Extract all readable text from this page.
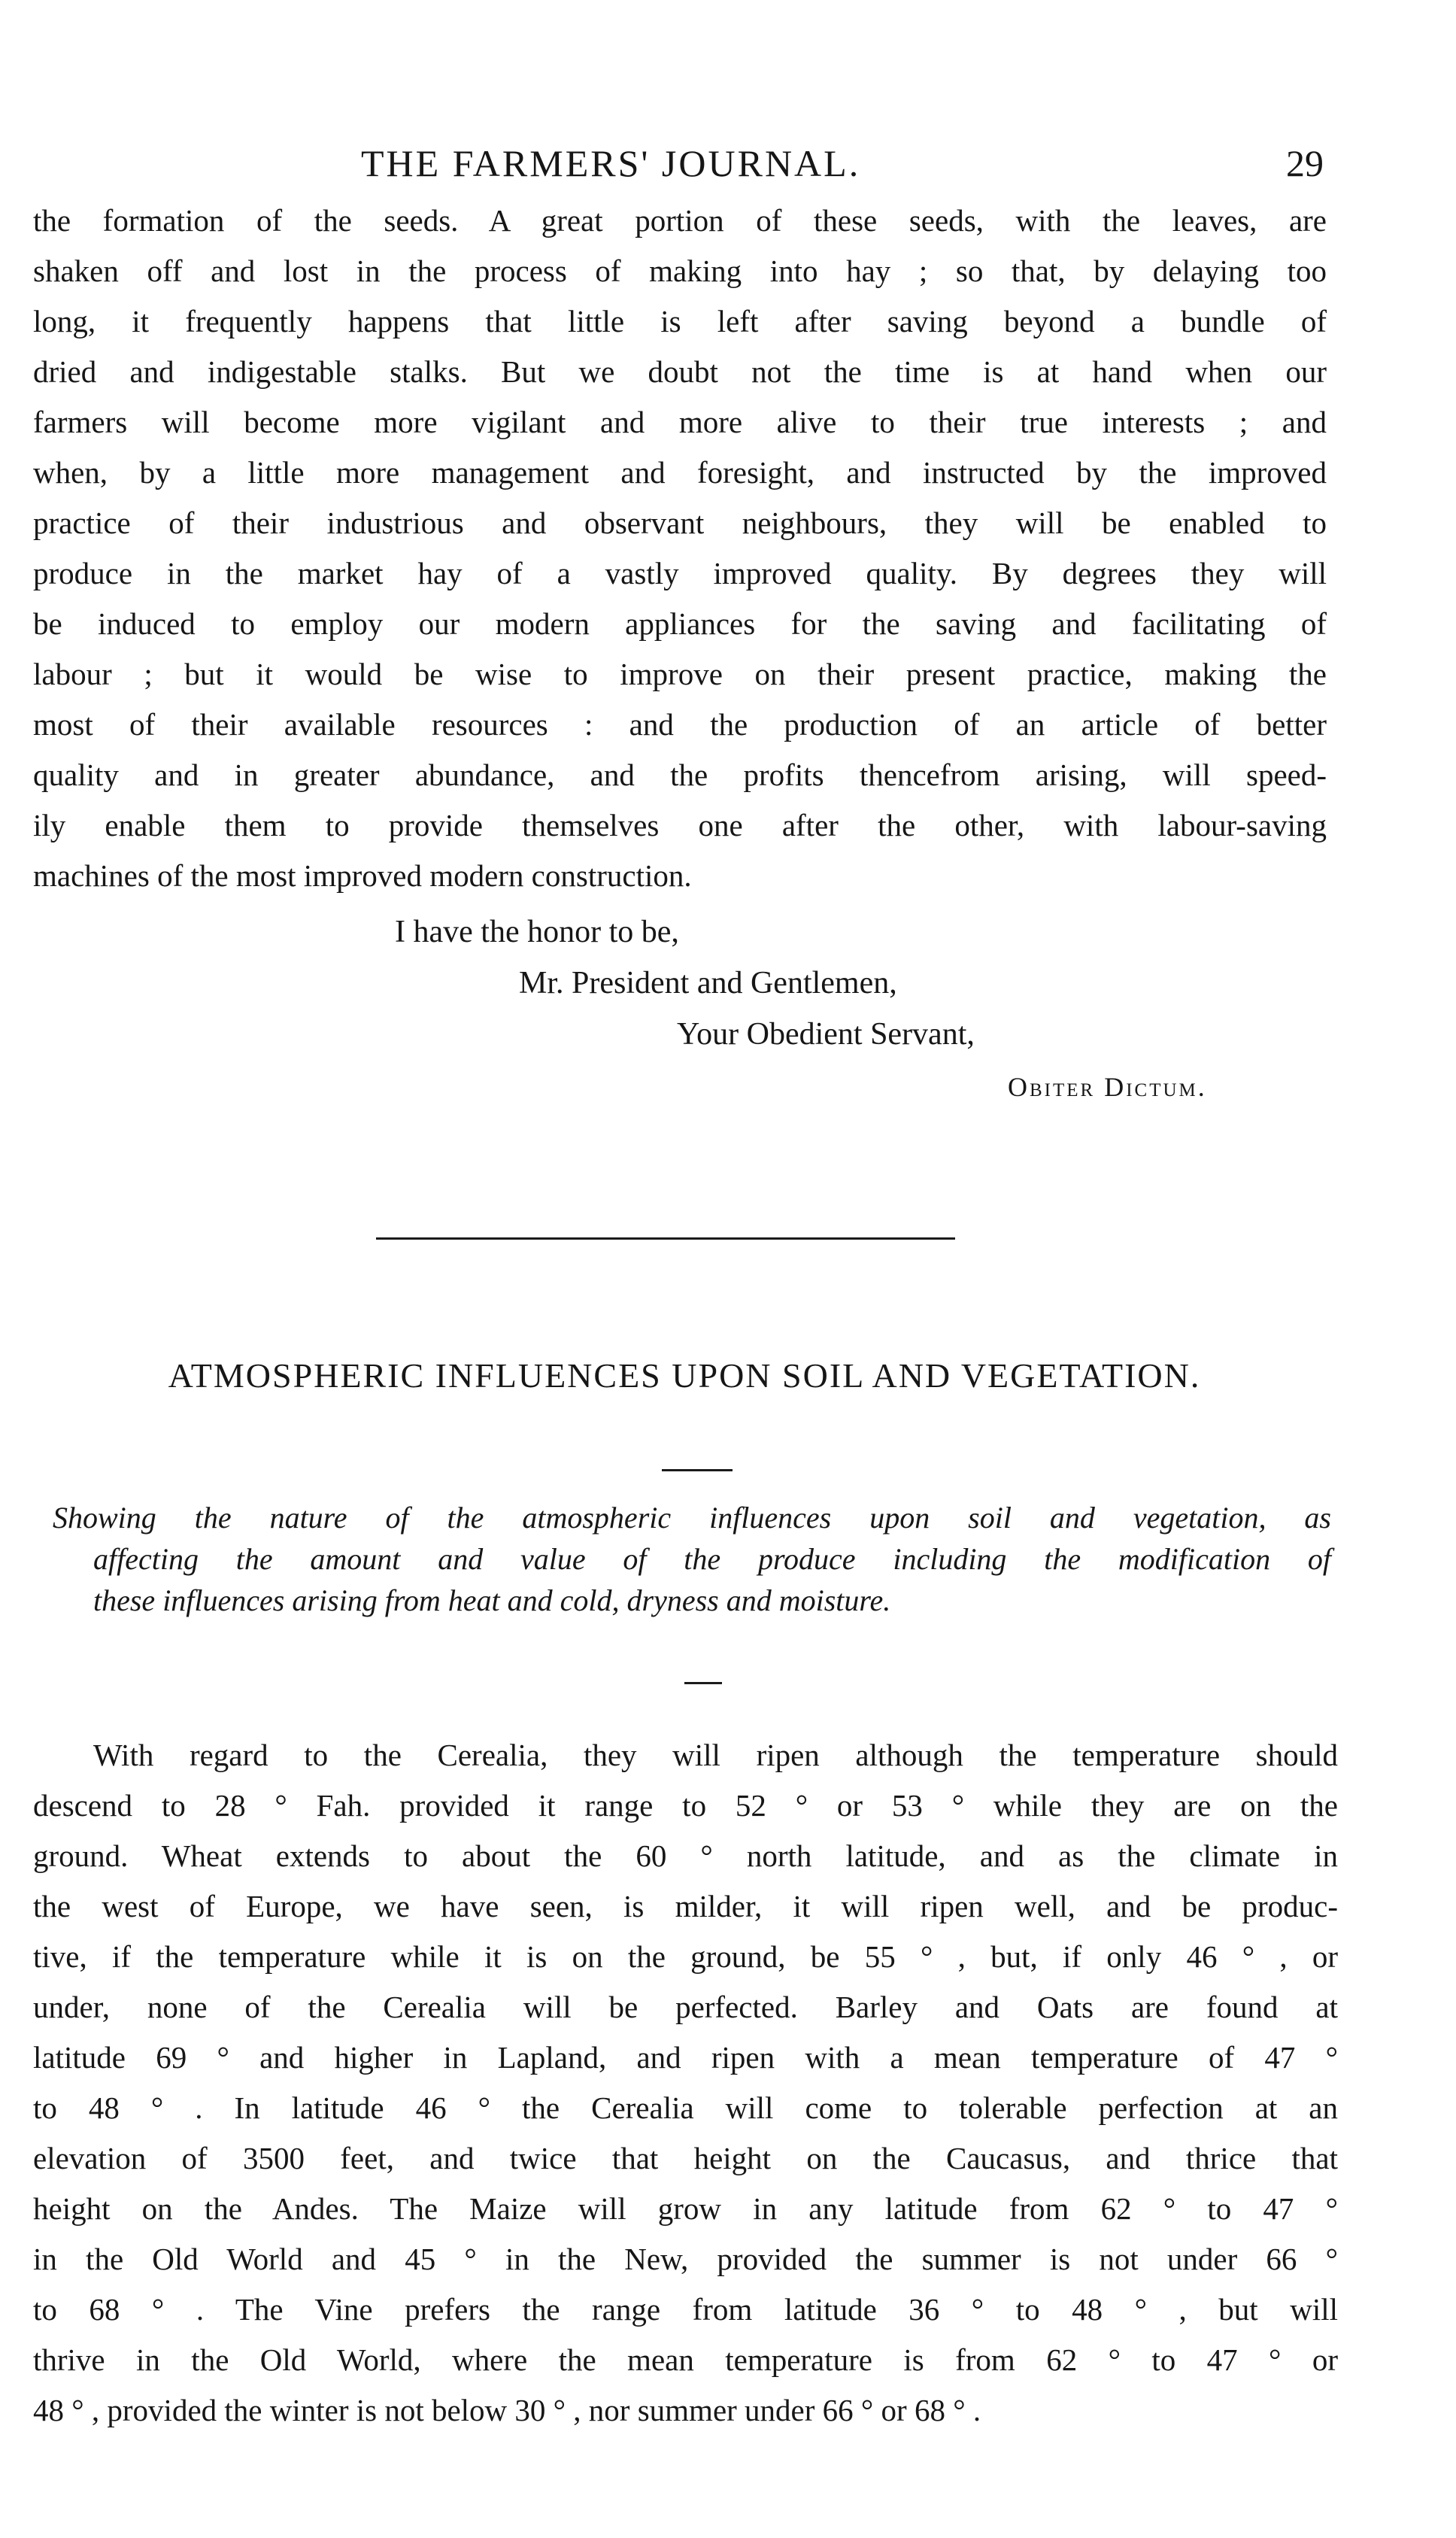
THE FARMERS' JOURNAL.	29
the formation of the seeds. A great portion of these seeds, with the leaves, are
shaken off and lost in the process of making into hay ; so that, by delaying too
long, it frequently happens that little is left after saving beyond a bundle of
dried and indigestable stalks. But we doubt not the time is at hand when our
farmers will become more vigilant and more alive to their true interests ; and
when, by a little more management and foresight, and instructed by the improved
practice of their industrious and observant neighbours, they will be enabled to
produce in the market hay of a vastly improved quality. By degrees they will
be induced to employ our modern appliances for the saving and facilitating of
labour ; but it would be wise to improve on their present practice, making the
most of their available resources : and the production of an article of better
quality and in greater abundance, and the profits thencefrom arising, will speed-
ily enable them to provide themselves one after the other, with labour-saving
machines of the most improved modern construction.
I have the honor to be,
Mr. President and Gentlemen,
Your Obedient Servant,
Obiter Dictum.
ATMOSPHERIC INFLUENCES UPON SOIL AND VEGETATION.
Showing the nature of the atmospheric influences upon soil and vegetation, as
affecting the amount and value of the produce including the modification of
these influences arising from heat and cold, dryness and moisture.
With regard to the Cerealia, they will ripen although the temperature should
descend to 28 ° Fah. provided it range to 52 ° or 53 ° while they are on the
ground. Wheat extends to about the 60 ° north latitude, and as the climate in
the west of Europe, we have seen, is milder, it will ripen well, and be produc-
tive, if the temperature while it is on the ground, be 55 ° , but, if only 46 ° , or
under, none of the Cerealia will be perfected. Barley and Oats are found at
latitude 69 ° and higher in Lapland, and ripen with a mean temperature of 47 °
to 48 ° . In latitude 46 ° the Cerealia will come to tolerable perfection at an
elevation of 3500 feet, and twice that height on the Caucasus, and thrice that
height on the Andes. The Maize will grow in any latitude from 62 ° to 47 °
in the Old World and 45 ° in the New, provided the summer is not under 66 °
to 68 ° . The Vine prefers the range from latitude 36 ° to 48 ° , but will
thrive in the Old World, where the mean temperature is from 62 ° to 47 ° or
48 ° , provided the winter is not below 30 ° , nor summer under 66 ° or 68 ° .
